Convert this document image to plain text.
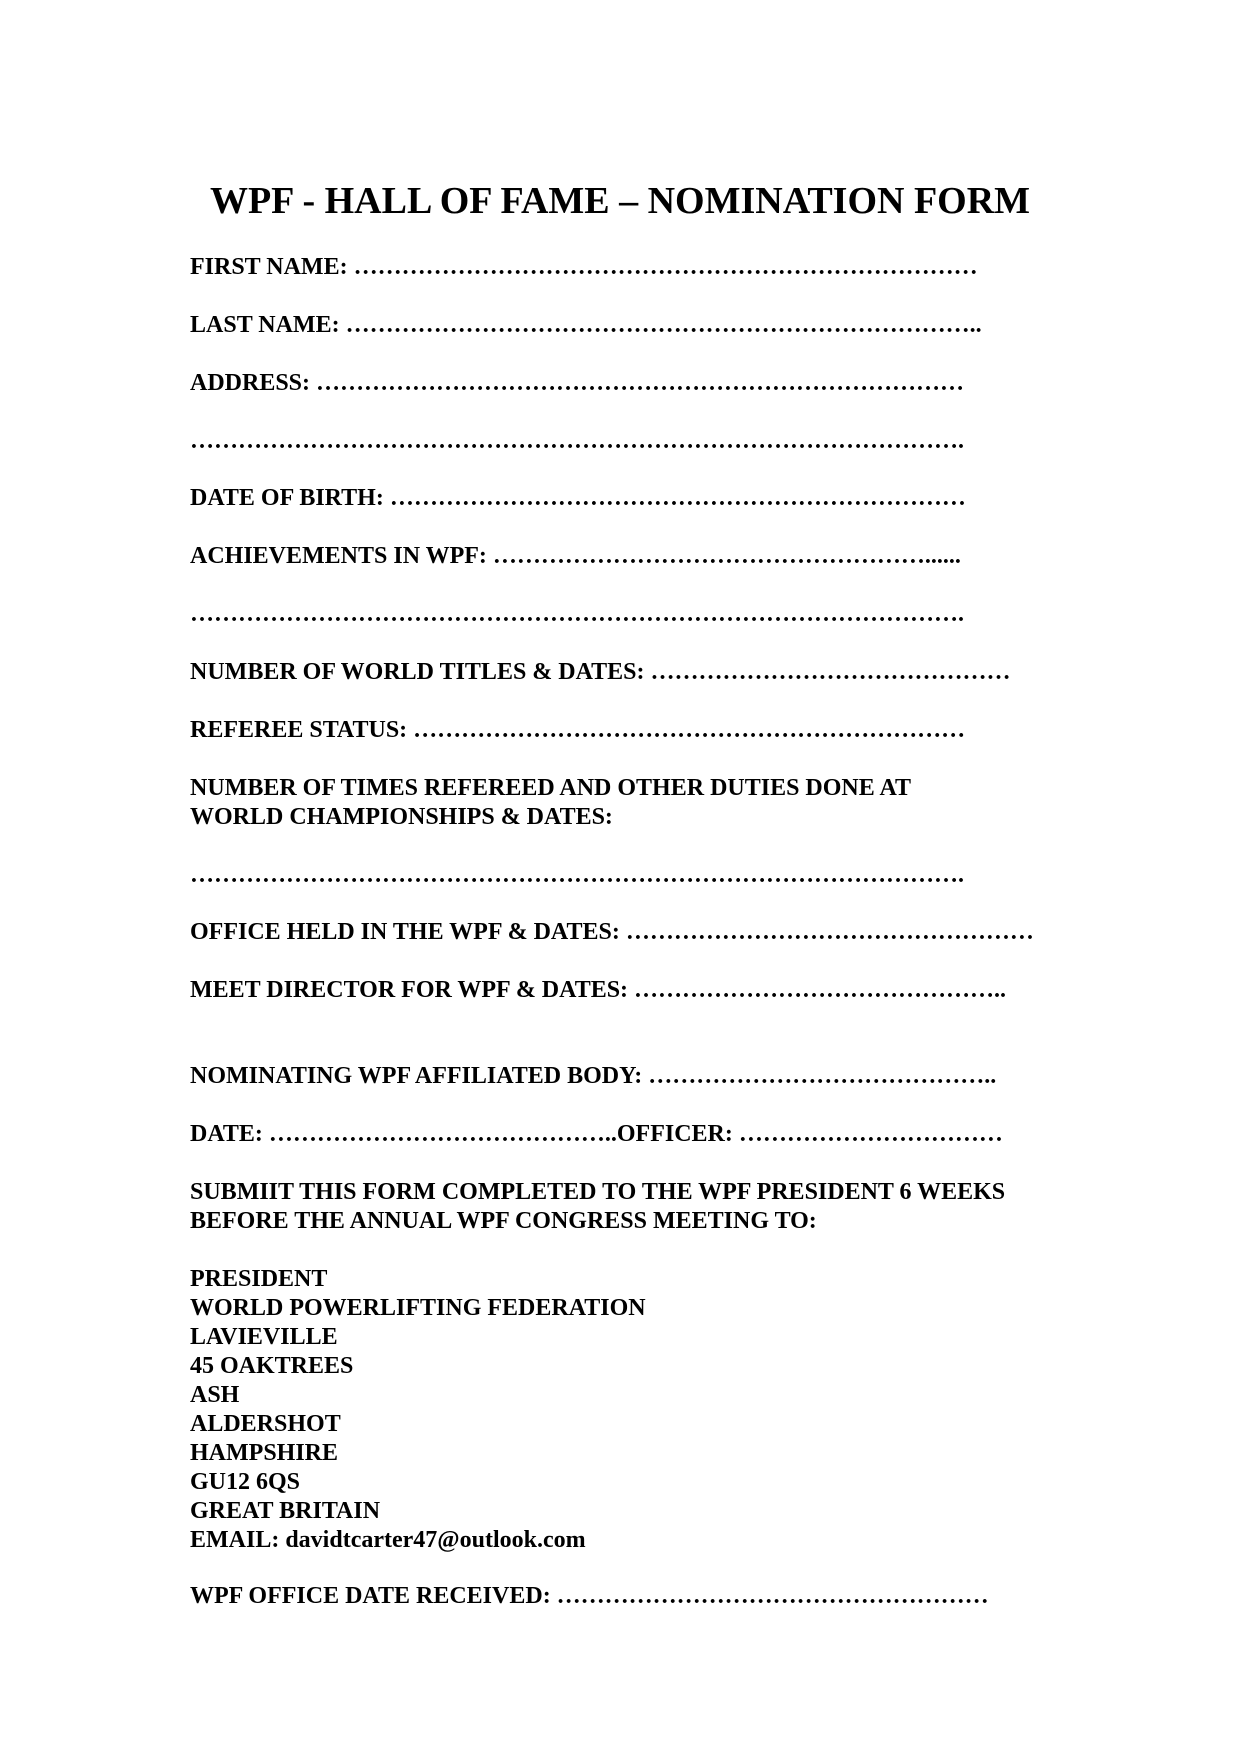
WPF - HALL OF FAME – NOMINATION FORM
FIRST NAME: ……………………………………………………………………
LAST NAME: ……………………………………………………………………..
ADDRESS: ………………………………………………………………………
…………………………………………………………………………………….
DATE OF BIRTH: ………………………………………………………………
ACHIEVEMENTS IN WPF: ………………………………………………......
…………………………………………………………………………………….
NUMBER OF WORLD TITLES & DATES: ………………………………………
REFEREE STATUS: ……………………………………………………………
NUMBER OF TIMES REFEREED AND OTHER DUTIES DONE AT
WORLD CHAMPIONSHIPS & DATES:
…………………………………………………………………………………….
OFFICE HELD IN THE WPF & DATES: ……………………………………………
MEET DIRECTOR FOR WPF & DATES: ………………………………………..
NOMINATING WPF AFFILIATED BODY: ……………………………………..
DATE: ……………………………………..OFFICER: ……………………………
SUBMIIT THIS FORM COMPLETED TO THE WPF PRESIDENT 6 WEEKS
BEFORE THE ANNUAL WPF CONGRESS MEETING TO:
PRESIDENT
WORLD POWERLIFTING FEDERATION
LAVIEVILLE
45 OAKTREES
ASH
ALDERSHOT
HAMPSHIRE
GU12 6QS
GREAT BRITAIN
EMAIL: davidtcarter47@outlook.com
WPF OFFICE DATE RECEIVED: ………………………………………………
